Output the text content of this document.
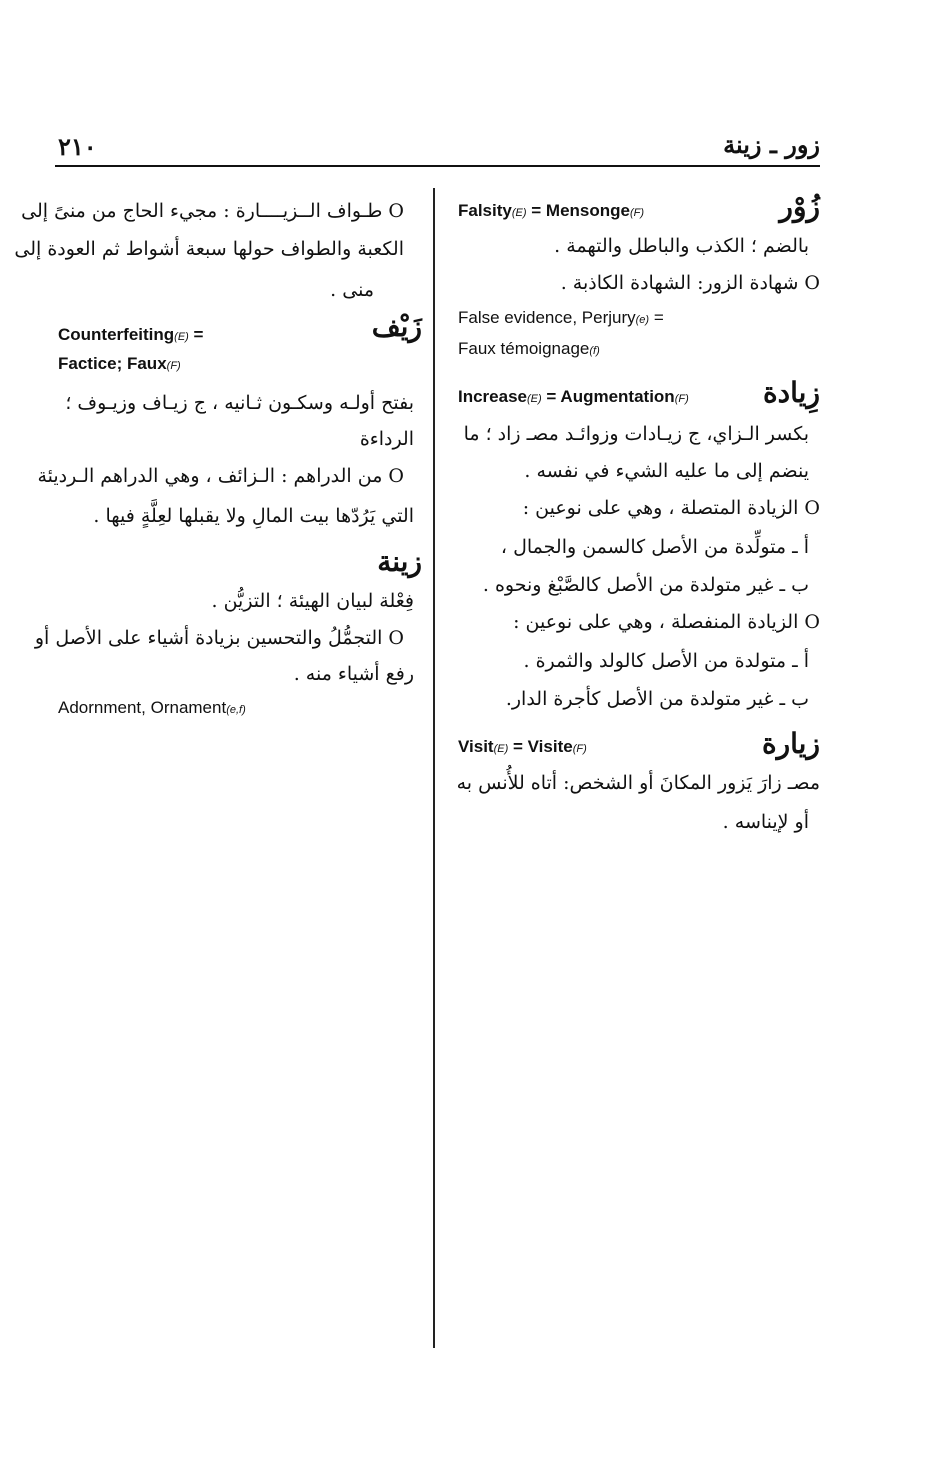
٢١٠	زور ـ زينة
زُوْر
Falsity(E) = Mensonge(F)
بالضم ؛ الكذب والباطل والتهمة .
O شهادة الزور: الشهادة الكاذبة .
False evidence, Perjury(e) =
Faux témoignage(f)
زِيادة
Increase(E) = Augmentation(F)
بكسر الـزاي، ج زيـادات وزوائـد مصـ زاد ؛ ما
ينضم إلى ما عليه الشيء في نفسه .
O الزيادة المتصلة ، وهي على نوعين :
أ ـ متولِّدة من الأصل كالسمن والجمال ،
ب ـ غير متولدة من الأصل كالصَّبْغ ونحوه .
O الزيادة المنفصلة ، وهي على نوعين :
أ ـ متولدة من الأصل كالولد والثمرة .
ب ـ غير متولدة من الأصل كأجرة الدار.
زيارة
Visit(E) = Visite(F)
مصـ زارَ يَزور المكانَ أو الشخص: أتاه للأُنس به
أو لإيناسه .
O طـواف الــزيــــارة : مجيء الحاج من منىً إلى
الكعبة والطواف حولها سبعة أشواط ثم العودة إلى
منى .
زَيْف
Counterfeiting(E) =
Factice; Faux(F)
بفتح أولـه وسكـون ثـانيه ، ج زيـاف وزيـوف ؛
الرداءة
O من الدراهم : الـزائف ، وهي الدراهم الـرديئة
التي يَرُدّها بيت المالِ ولا يقبلها لعِلَّةٍ فيها .
زينة
فِعْلة لبيان الهيئة ؛ التزيُّن .
O التجمُّلُ والتحسين بزيادة أشياء على الأصل أو
رفع أشياء منه .
Adornment, Ornament(e,f)
